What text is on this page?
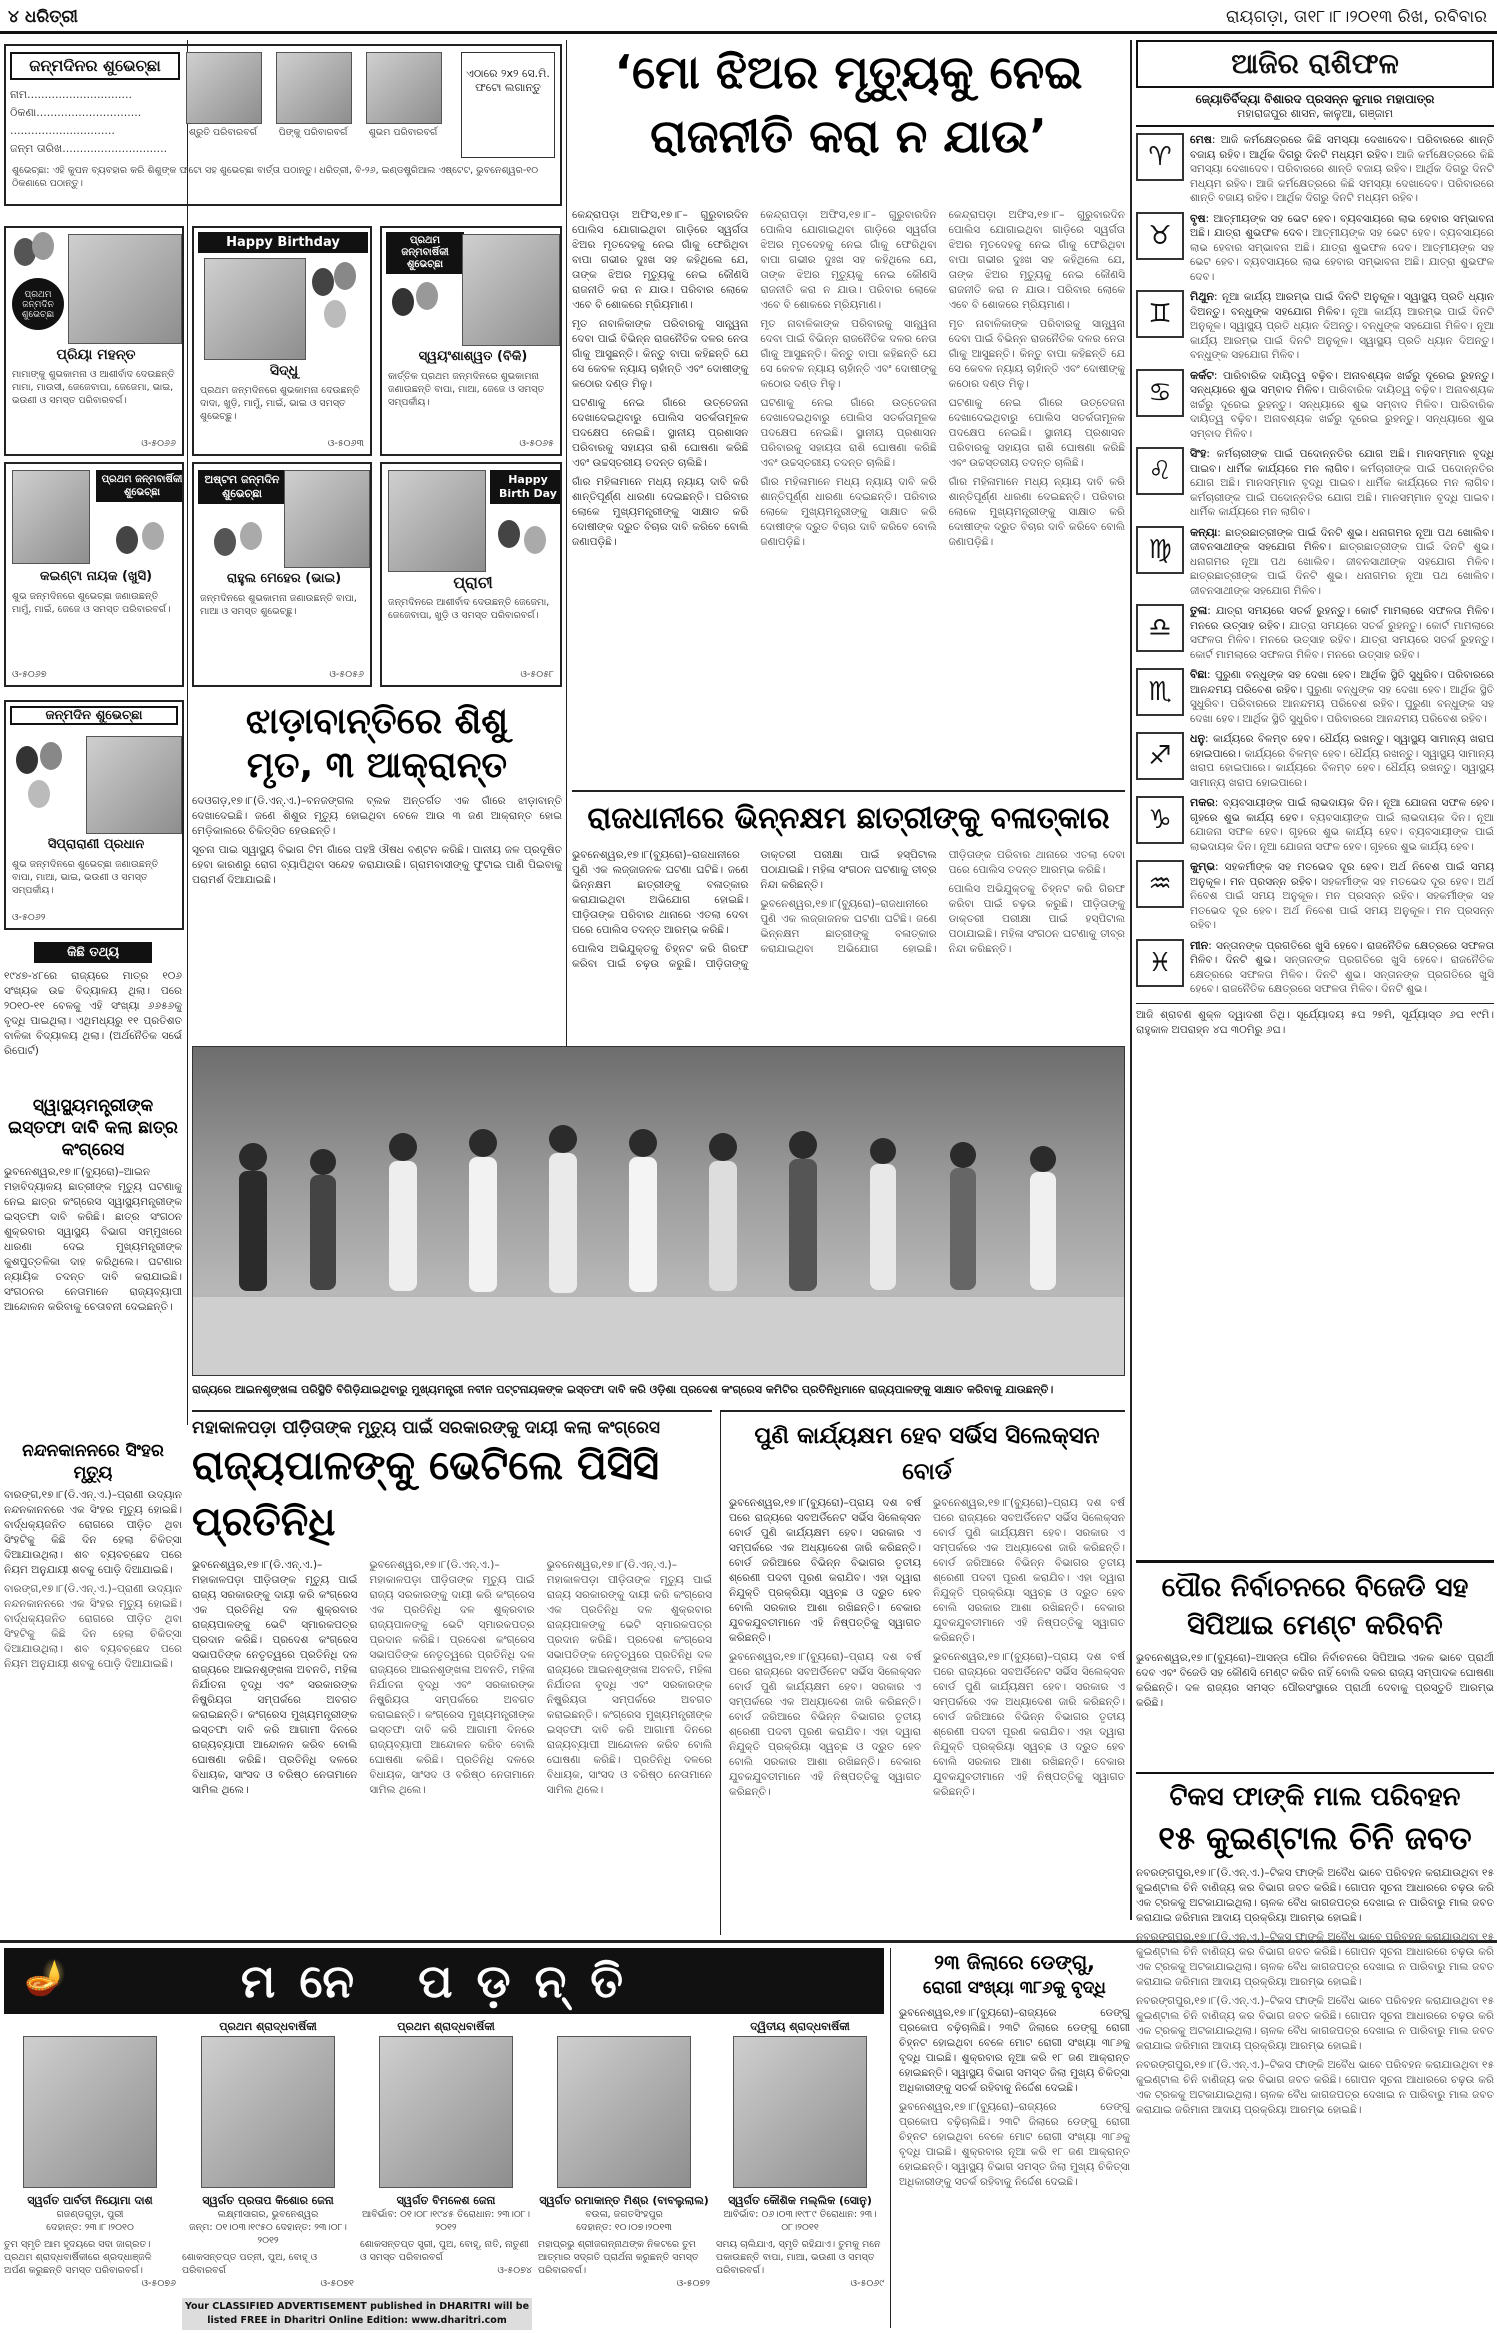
୪ ଧରିତ୍ରୀ	ରାୟଗଡ଼ା, ତା୧୮।୮।୨୦୧୩ ରିଖ, ରବିବାର
ଜନ୍ମଦିନର ଶୁଭେଚ୍ଛା
ନାମ..............................
ଠିକଣା..............................
..............................
ଜନ୍ମ ତାରିଖ..............................
ଶ୍ରୁତି ପରିବାରବର୍ଗ	ପିଙ୍କୁ ପରିବାରବର୍ଗ ଶୁଭମ ପରିବାରବର୍ଗ
ଏଠାରେ ୨x୨ ସେ.ମି. ଫଟୋ ଲଗାନ୍ତୁ
ଶୁଭେଚ୍ଛା: ଏହି କୁପନ ବ୍ୟବହାର କରି ଶିଶୁଙ୍କ ଫଟୋ ସହ ଶୁଭେଚ୍ଛା ବାର୍ତ୍ତା ପଠାନ୍ତୁ। ଧରିତ୍ରୀ, ବି-୨୬, ଇଣ୍ଡଷ୍ଟ୍ରିଆଲ ଏଷ୍ଟେଟ, ଭୁବନେଶ୍ୱର-୧୦ ଠିକଣାରେ ପଠାନ୍ତୁ।
ପ୍ରଥମ ଜନ୍ମଦିନ ଶୁଭେଚ୍ଛା
ପ୍ରିୟା ମହନ୍ତ
ମାମାଙ୍କୁ ଶୁଭକାମନା ଓ ଆଶୀର୍ବାଦ ଦେଉଛନ୍ତି ମାମା, ମାଉସୀ, ଜେଜେବାପା, ଜେଜେମା, ଭାଇ, ଭଉଣୀ ଓ ସମସ୍ତ ପରିବାରବର୍ଗ।
ଓ-୫୦୬୬
Happy Birthday
ସିଦ୍ଧୁ
ପ୍ରଥମ ଜନ୍ମଦିନରେ ଶୁଭକାମନା ଦେଉଛନ୍ତି ଦାଦା, ଖୁଡ଼ି, ମାମୁଁ, ମାଇଁ, ଭାଇ ଓ ସମସ୍ତ ଶୁଭେଚ୍ଛୁ।
ଓ-୫୦୬୩
ପ୍ରଥମ ଜନ୍ମବାର୍ଷିକୀ ଶୁଭେଚ୍ଛା
ସ୍ୱୟଂଶାଶ୍ୱତ (ବିକି)
କାର୍ତ୍ତିକ ପ୍ରଥମ ଜନ୍ମଦିନରେ ଶୁଭକାମନା ଜଣାଉଛନ୍ତି ବାପା, ମାଆ, ଜେଜେ ଓ ସମସ୍ତ ସମ୍ପର୍କୀୟ।
ଓ-୫୦୬୫
ପ୍ରଥମ ଜନ୍ମବାର୍ଷିକୀ ଶୁଭେଚ୍ଛା
କଇଣ୍ଟା ନାୟକ (ଖୁସି)
ଶୁଭ ଜନ୍ମଦିନରେ ଶୁଭେଚ୍ଛା ଜଣାଉଛନ୍ତି ମାମୁଁ, ମାଇଁ, ଜେଜେ ଓ ସମସ୍ତ ପରିବାରବର୍ଗ।
ଓ-୫୦୬୭
ଅଷ୍ଟମ ଜନ୍ମଦିନ ଶୁଭେଚ୍ଛା
ରାହୁଲ ମେହେର (ଭାଇ)
ଜନ୍ମଦିନରେ ଶୁଭକାମନା ଜଣାଉଛନ୍ତି ବାପା, ମାଆ ଓ ସମସ୍ତ ଶୁଭେଚ୍ଛୁ।
ଓ-୫୦୫୬
Happy Birth Day
ପ୍ରାଚୀ
ଜନ୍ମଦିନରେ ଆଶୀର୍ବାଦ ଦେଉଛନ୍ତି ଜେଜେମା, ଜେଜେବାପା, ଖୁଡ଼ି ଓ ସମସ୍ତ ପରିବାରବର୍ଗ।
ଓ-୫୦୫୮
ଜନ୍ମଦିନ ଶୁଭେଚ୍ଛା
ସିପ୍ରାରାଣୀ ପ୍ରଧାନ
ଶୁଭ ଜନ୍ମଦିନରେ ଶୁଭେଚ୍ଛା ଜଣାଉଛନ୍ତି ବାପା, ମାଆ, ଭାଇ, ଭଉଣୀ ଓ ସମସ୍ତ ସମ୍ପର୍କୀୟ।
ଓ-୫୦୬୨
ଝାଡ଼ାବାନ୍ତିରେ ଶିଶୁ
ମୃତ, ୩ ଆକ୍ରାନ୍ତ

ଦେଓଗଡ଼,୧୭।୮(ଡି.ଏନ୍.ଏ.)–ବନଜଙ୍ଗଲ ବ୍ଲକ ଅନ୍ତର୍ଗତ ଏକ ଗାଁରେ ଝାଡ଼ାବାନ୍ତି ଦେଖାଦେଇଛି। ଜଣେ ଶିଶୁର ମୃତ୍ୟୁ ହୋଇଥିବା ବେଳେ ଆଉ ୩ ଜଣ ଆକ୍ରାନ୍ତ ହୋଇ ମେଡ଼ିକାଲରେ ଚିକିତ୍ସିତ ହେଉଛନ୍ତି।

ସୂଚନା ପାଇ ସ୍ୱାସ୍ଥ୍ୟ ବିଭାଗ ଟିମ ଗାଁରେ ପହଞ୍ଚି ଔଷଧ ବଣ୍ଟନ କରିଛି। ପାନୀୟ ଜଳ ପ୍ରଦୂଷିତ ହେବା କାରଣରୁ ରୋଗ ବ୍ୟାପିଥିବା ସନ୍ଦେହ କରାଯାଉଛି। ଗ୍ରାମବାସୀଙ୍କୁ ଫୁଟାଇ ପାଣି ପିଇବାକୁ ପରାମର୍ଶ ଦିଆଯାଇଛି।

କିଛି ତଥ୍ୟ
୧୯୪୭-୪୮ରେ ରାଜ୍ୟରେ ମାତ୍ର ୧୦୬ ସଂଖ୍ୟକ ଉଚ୍ଚ ବିଦ୍ୟାଳୟ ଥିଲା। ପରେ ୨୦୧୦-୧୧ ବେଳକୁ ଏହି ସଂଖ୍ୟା ୬୬୫୬କୁ ବୃଦ୍ଧି ପାଇଥିଲା। ଏଥିମଧ୍ୟରୁ ୧୧ ପ୍ରତିଶତ ବାଳିକା ବିଦ୍ୟାଳୟ ଥିଲା। (ଅର୍ଥନୈତିକ ସର୍ଭେ ରିପୋର୍ଟ)
ସ୍ୱାସ୍ଥ୍ୟମନ୍ତ୍ରୀଙ୍କ ଇସ୍ତଫା ଦାବି କଲା ଛାତ୍ର କଂଗ୍ରେସ
ଭୁବନେଶ୍ୱର,୧୭।୮(ବ୍ୟୁରୋ)–ଆଇନ ମହାବିଦ୍ୟାଳୟ ଛାତ୍ରୀଙ୍କ ମୃତ୍ୟୁ ଘଟଣାକୁ ନେଇ ଛାତ୍ର କଂଗ୍ରେସ ସ୍ୱାସ୍ଥ୍ୟମନ୍ତ୍ରୀଙ୍କ ଇସ୍ତଫା ଦାବି କରିଛି। ଛାତ୍ର ସଂଗଠନ ଶୁକ୍ରବାର ସ୍ୱାସ୍ଥ୍ୟ ବିଭାଗ ସମ୍ମୁଖରେ ଧାରଣା ଦେଇ ମୁଖ୍ୟମନ୍ତ୍ରୀଙ୍କ କୁଶପୁତ୍ତଳିକା ଦାହ କରିଥିଲେ। ଘଟଣାର ନ୍ୟାୟିକ ତଦନ୍ତ ଦାବି କରାଯାଇଛି। ସଂଗଠନର ନେତାମାନେ ରାଜ୍ୟବ୍ୟାପୀ ଆନ୍ଦୋଳନ କରିବାକୁ ଚେତାବନୀ ଦେଇଛନ୍ତି।
‘ମୋ ଝିଅର ମୃତ୍ୟୁକୁ ନେଇ
ରାଜନୀତି କରା ନ ଯାଉ’

କେନ୍ଦ୍ରାପଡ଼ା ଅଫିସ,୧୭।୮– ଗୁରୁବାରଦିନ ପୋଲିସ ଯୋଗାଇଥିବା ଗାଡ଼ିରେ ସ୍ୱର୍ଗତା ଝିଅର ମୃତଦେହକୁ ନେଇ ଗାଁକୁ ଫେରିଥିବା ବାପା ଗଭୀର ଦୁଃଖ ସହ କହିଥିଲେ ଯେ, ତାଙ୍କ ଝିଅର ମୃତ୍ୟୁକୁ ନେଇ କୌଣସି ରାଜନୀତି କରା ନ ଯାଉ। ପରିବାର ଲୋକେ ଏବେ ବି ଶୋକରେ ମ୍ରିୟମାଣ।

ମୃତ ନାବାଳିକାଙ୍କ ପରିବାରକୁ ସାନ୍ତ୍ୱନା ଦେବା ପାଇଁ ବିଭିନ୍ନ ରାଜନୈତିକ ଦଳର ନେତା ଗାଁକୁ ଆସୁଛନ୍ତି। କିନ୍ତୁ ବାପା କହିଛନ୍ତି ଯେ ସେ କେବଳ ନ୍ୟାୟ ଚାହାଁନ୍ତି ଏବଂ ଦୋଷୀଙ୍କୁ କଠୋର ଦଣ୍ଡ ମିଳୁ।

ଘଟଣାକୁ ନେଇ ଗାଁରେ ଉତ୍ତେଜନା ଦେଖାଦେଇଥିବାରୁ ପୋଲିସ ସତର୍କତାମୂଳକ ପଦକ୍ଷେପ ନେଇଛି। ସ୍ଥାନୀୟ ପ୍ରଶାସନ ପରିବାରକୁ ସହାୟତା ରାଶି ଘୋଷଣା କରିଛି ଏବଂ ଉଚ୍ଚସ୍ତରୀୟ ତଦନ୍ତ ଚାଲିଛି।

ଗାଁର ମହିଳାମାନେ ମଧ୍ୟ ନ୍ୟାୟ ଦାବି କରି ଶାନ୍ତିପୂର୍ଣ୍ଣ ଧାରଣା ଦେଇଛନ୍ତି। ପରିବାର ଲୋକେ ମୁଖ୍ୟମନ୍ତ୍ରୀଙ୍କୁ ସାକ୍ଷାତ କରି ଦୋଷୀଙ୍କ ଦ୍ରୁତ ବିଚାର ଦାବି କରିବେ ବୋଲି ଜଣାପଡ଼ିଛି।

କେନ୍ଦ୍ରାପଡ଼ା ଅଫିସ,୧୭।୮– ଗୁରୁବାରଦିନ ପୋଲିସ ଯୋଗାଇଥିବା ଗାଡ଼ିରେ ସ୍ୱର୍ଗତା ଝିଅର ମୃତଦେହକୁ ନେଇ ଗାଁକୁ ଫେରିଥିବା ବାପା ଗଭୀର ଦୁଃଖ ସହ କହିଥିଲେ ଯେ, ତାଙ୍କ ଝିଅର ମୃତ୍ୟୁକୁ ନେଇ କୌଣସି ରାଜନୀତି କରା ନ ଯାଉ। ପରିବାର ଲୋକେ ଏବେ ବି ଶୋକରେ ମ୍ରିୟମାଣ।

ମୃତ ନାବାଳିକାଙ୍କ ପରିବାରକୁ ସାନ୍ତ୍ୱନା ଦେବା ପାଇଁ ବିଭିନ୍ନ ରାଜନୈତିକ ଦଳର ନେତା ଗାଁକୁ ଆସୁଛନ୍ତି। କିନ୍ତୁ ବାପା କହିଛନ୍ତି ଯେ ସେ କେବଳ ନ୍ୟାୟ ଚାହାଁନ୍ତି ଏବଂ ଦୋଷୀଙ୍କୁ କଠୋର ଦଣ୍ଡ ମିଳୁ।

ଘଟଣାକୁ ନେଇ ଗାଁରେ ଉତ୍ତେଜନା ଦେଖାଦେଇଥିବାରୁ ପୋଲିସ ସତର୍କତାମୂଳକ ପଦକ୍ଷେପ ନେଇଛି। ସ୍ଥାନୀୟ ପ୍ରଶାସନ ପରିବାରକୁ ସହାୟତା ରାଶି ଘୋଷଣା କରିଛି ଏବଂ ଉଚ୍ଚସ୍ତରୀୟ ତଦନ୍ତ ଚାଲିଛି।

ଗାଁର ମହିଳାମାନେ ମଧ୍ୟ ନ୍ୟାୟ ଦାବି କରି ଶାନ୍ତିପୂର୍ଣ୍ଣ ଧାରଣା ଦେଇଛନ୍ତି। ପରିବାର ଲୋକେ ମୁଖ୍ୟମନ୍ତ୍ରୀଙ୍କୁ ସାକ୍ଷାତ କରି ଦୋଷୀଙ୍କ ଦ୍ରୁତ ବିଚାର ଦାବି କରିବେ ବୋଲି ଜଣାପଡ଼ିଛି।

କେନ୍ଦ୍ରାପଡ଼ା ଅଫିସ,୧୭।୮– ଗୁରୁବାରଦିନ ପୋଲିସ ଯୋଗାଇଥିବା ଗାଡ଼ିରେ ସ୍ୱର୍ଗତା ଝିଅର ମୃତଦେହକୁ ନେଇ ଗାଁକୁ ଫେରିଥିବା ବାପା ଗଭୀର ଦୁଃଖ ସହ କହିଥିଲେ ଯେ, ତାଙ୍କ ଝିଅର ମୃତ୍ୟୁକୁ ନେଇ କୌଣସି ରାଜନୀତି କରା ନ ଯାଉ। ପରିବାର ଲୋକେ ଏବେ ବି ଶୋକରେ ମ୍ରିୟମାଣ।

ମୃତ ନାବାଳିକାଙ୍କ ପରିବାରକୁ ସାନ୍ତ୍ୱନା ଦେବା ପାଇଁ ବିଭିନ୍ନ ରାଜନୈତିକ ଦଳର ନେତା ଗାଁକୁ ଆସୁଛନ୍ତି। କିନ୍ତୁ ବାପା କହିଛନ୍ତି ଯେ ସେ କେବଳ ନ୍ୟାୟ ଚାହାଁନ୍ତି ଏବଂ ଦୋଷୀଙ୍କୁ କଠୋର ଦଣ୍ଡ ମିଳୁ।

ଘଟଣାକୁ ନେଇ ଗାଁରେ ଉତ୍ତେଜନା ଦେଖାଦେଇଥିବାରୁ ପୋଲିସ ସତର୍କତାମୂଳକ ପଦକ୍ଷେପ ନେଇଛି। ସ୍ଥାନୀୟ ପ୍ରଶାସନ ପରିବାରକୁ ସହାୟତା ରାଶି ଘୋଷଣା କରିଛି ଏବଂ ଉଚ୍ଚସ୍ତରୀୟ ତଦନ୍ତ ଚାଲିଛି।

ଗାଁର ମହିଳାମାନେ ମଧ୍ୟ ନ୍ୟାୟ ଦାବି କରି ଶାନ୍ତିପୂର୍ଣ୍ଣ ଧାରଣା ଦେଇଛନ୍ତି। ପରିବାର ଲୋକେ ମୁଖ୍ୟମନ୍ତ୍ରୀଙ୍କୁ ସାକ୍ଷାତ କରି ଦୋଷୀଙ୍କ ଦ୍ରୁତ ବିଚାର ଦାବି କରିବେ ବୋଲି ଜଣାପଡ଼ିଛି।

ରାଜଧାନୀରେ ଭିନ୍ନକ୍ଷମ ଛାତ୍ରୀଙ୍କୁ ବଳାତ୍କାର

ଭୁବନେଶ୍ୱର,୧୭।୮(ବ୍ୟୁରୋ)–ରାଜଧାନୀରେ ପୁଣି ଏକ ଲଜ୍ଜାଜନକ ଘଟଣା ଘଟିଛି। ଜଣେ ଭିନ୍ନକ୍ଷମ ଛାତ୍ରୀଙ୍କୁ ବଳାତ୍କାର କରାଯାଇଥିବା ଅଭିଯୋଗ ହୋଇଛି। ପୀଡ଼ିତାଙ୍କ ପରିବାର ଥାନାରେ ଏତଲା ଦେବା ପରେ ପୋଲିସ ତଦନ୍ତ ଆରମ୍ଭ କରିଛି।

ପୋଲିସ ଅଭିଯୁକ୍ତକୁ ଚିହ୍ନଟ କରି ଗିରଫ କରିବା ପାଇଁ ଚଢ଼ଉ କରୁଛି। ପୀଡ଼ିତାଙ୍କୁ ଡାକ୍ତରୀ ପରୀକ୍ଷା ପାଇଁ ହସ୍ପିଟାଲ ପଠାଯାଇଛି। ମହିଳା ସଂଗଠନ ଘଟଣାକୁ ତୀବ୍ର ନିନ୍ଦା କରିଛନ୍ତି।

ଭୁବନେଶ୍ୱର,୧୭।୮(ବ୍ୟୁରୋ)–ରାଜଧାନୀରେ ପୁଣି ଏକ ଲଜ୍ଜାଜନକ ଘଟଣା ଘଟିଛି। ଜଣେ ଭିନ୍ନକ୍ଷମ ଛାତ୍ରୀଙ୍କୁ ବଳାତ୍କାର କରାଯାଇଥିବା ଅଭିଯୋଗ ହୋଇଛି। ପୀଡ଼ିତାଙ୍କ ପରିବାର ଥାନାରେ ଏତଲା ଦେବା ପରେ ପୋଲିସ ତଦନ୍ତ ଆରମ୍ଭ କରିଛି।

ପୋଲିସ ଅଭିଯୁକ୍ତକୁ ଚିହ୍ନଟ କରି ଗିରଫ କରିବା ପାଇଁ ଚଢ଼ଉ କରୁଛି। ପୀଡ଼ିତାଙ୍କୁ ଡାକ୍ତରୀ ପରୀକ୍ଷା ପାଇଁ ହସ୍ପିଟାଲ ପଠାଯାଇଛି। ମହିଳା ସଂଗଠନ ଘଟଣାକୁ ତୀବ୍ର ନିନ୍ଦା କରିଛନ୍ତି।

ରାଜ୍ୟରେ ଆଇନଶୃଙ୍ଖଳା ପରିସ୍ଥିତି ବିଗିଡ଼ିଯାଇଥିବାରୁ ମୁଖ୍ୟମନ୍ତ୍ରୀ ନବୀନ ପଟ୍ଟନାୟକଙ୍କ ଇସ୍ତଫା ଦାବି କରି ଓଡ଼ିଶା ପ୍ରଦେଶ କଂଗ୍ରେସ କମିଟିର ପ୍ରତିନିଧିମାନେ ରାଜ୍ୟପାଳଙ୍କୁ ସାକ୍ଷାତ କରିବାକୁ ଯାଉଛନ୍ତି।
ନନ୍ଦନକାନନରେ ସିଂହର ମୃତ୍ୟୁ

ବାରଙ୍ଗ,୧୭।୮(ଡି.ଏନ୍.ଏ.)–ପ୍ରାଣୀ ଉଦ୍ୟାନ ନନ୍ଦନକାନନରେ ଏକ ସିଂହର ମୃତ୍ୟୁ ହୋଇଛି। ବାର୍ଦ୍ଧକ୍ୟଜନିତ ରୋଗରେ ପୀଡ଼ିତ ଥିବା ସିଂହଟିକୁ କିଛି ଦିନ ହେଲା ଚିକିତ୍ସା ଦିଆଯାଉଥିଲା। ଶବ ବ୍ୟବଚ୍ଛେଦ ପରେ ନିୟମ ଅନୁଯାୟୀ ଶବକୁ ପୋଡ଼ି ଦିଆଯାଇଛି।

ବାରଙ୍ଗ,୧୭।୮(ଡି.ଏନ୍.ଏ.)–ପ୍ରାଣୀ ଉଦ୍ୟାନ ନନ୍ଦନକାନନରେ ଏକ ସିଂହର ମୃତ୍ୟୁ ହୋଇଛି। ବାର୍ଦ୍ଧକ୍ୟଜନିତ ରୋଗରେ ପୀଡ଼ିତ ଥିବା ସିଂହଟିକୁ କିଛି ଦିନ ହେଲା ଚିକିତ୍ସା ଦିଆଯାଉଥିଲା। ଶବ ବ୍ୟବଚ୍ଛେଦ ପରେ ନିୟମ ଅନୁଯାୟୀ ଶବକୁ ପୋଡ଼ି ଦିଆଯାଇଛି।

ମହାକାଳପଡ଼ା ପୀଡ଼ିତାଙ୍କ ମୃତ୍ୟୁ ପାଇଁ ସରକାରଙ୍କୁ ଦାୟୀ କଲା କଂଗ୍ରେସ
ରାଜ୍ୟପାଳଙ୍କୁ ଭେଟିଲେ ପିସିସି ପ୍ରତିନିଧି

ଭୁବନେଶ୍ୱର,୧୭।୮(ଡି.ଏନ୍.ଏ.)–ମହାକାଳପଡ଼ା ପୀଡ଼ିତାଙ୍କ ମୃତ୍ୟୁ ପାଇଁ ରାଜ୍ୟ ସରକାରଙ୍କୁ ଦାୟୀ କରି କଂଗ୍ରେସ ଏକ ପ୍ରତିନିଧି ଦଳ ଶୁକ୍ରବାର ରାଜ୍ୟପାଳଙ୍କୁ ଭେଟି ସ୍ମାରକପତ୍ର ପ୍ରଦାନ କରିଛି। ପ୍ରଦେଶ କଂଗ୍ରେସ ସଭାପତିଙ୍କ ନେତୃତ୍ୱରେ ପ୍ରତିନିଧି ଦଳ ରାଜ୍ୟରେ ଆଇନଶୃଙ୍ଖଳା ଅବନତି, ମହିଳା ନିର୍ଯାତନା ବୃଦ୍ଧି ଏବଂ ସରକାରଙ୍କ ନିଷ୍କ୍ରିୟତା ସମ୍ପର୍କରେ ଅବଗତ କରାଇଛନ୍ତି। କଂଗ୍ରେସ ମୁଖ୍ୟମନ୍ତ୍ରୀଙ୍କ ଇସ୍ତଫା ଦାବି କରି ଆଗାମୀ ଦିନରେ ରାଜ୍ୟବ୍ୟାପୀ ଆନ୍ଦୋଳନ କରିବ ବୋଲି ଘୋଷଣା କରିଛି। ପ୍ରତିନିଧି ଦଳରେ ବିଧାୟକ, ସାଂସଦ ଓ ବରିଷ୍ଠ ନେତାମାନେ ସାମିଲ ଥିଲେ।

ଭୁବନେଶ୍ୱର,୧୭।୮(ଡି.ଏନ୍.ଏ.)–ମହାକାଳପଡ଼ା ପୀଡ଼ିତାଙ୍କ ମୃତ୍ୟୁ ପାଇଁ ରାଜ୍ୟ ସରକାରଙ୍କୁ ଦାୟୀ କରି କଂଗ୍ରେସ ଏକ ପ୍ରତିନିଧି ଦଳ ଶୁକ୍ରବାର ରାଜ୍ୟପାଳଙ୍କୁ ଭେଟି ସ୍ମାରକପତ୍ର ପ୍ରଦାନ କରିଛି। ପ୍ରଦେଶ କଂଗ୍ରେସ ସଭାପତିଙ୍କ ନେତୃତ୍ୱରେ ପ୍ରତିନିଧି ଦଳ ରାଜ୍ୟରେ ଆଇନଶୃଙ୍ଖଳା ଅବନତି, ମହିଳା ନିର୍ଯାତନା ବୃଦ୍ଧି ଏବଂ ସରକାରଙ୍କ ନିଷ୍କ୍ରିୟତା ସମ୍ପର୍କରେ ଅବଗତ କରାଇଛନ୍ତି। କଂଗ୍ରେସ ମୁଖ୍ୟମନ୍ତ୍ରୀଙ୍କ ଇସ୍ତଫା ଦାବି କରି ଆଗାମୀ ଦିନରେ ରାଜ୍ୟବ୍ୟାପୀ ଆନ୍ଦୋଳନ କରିବ ବୋଲି ଘୋଷଣା କରିଛି। ପ୍ରତିନିଧି ଦଳରେ ବିଧାୟକ, ସାଂସଦ ଓ ବରିଷ୍ଠ ନେତାମାନେ ସାମିଲ ଥିଲେ।

ଭୁବନେଶ୍ୱର,୧୭।୮(ଡି.ଏନ୍.ଏ.)–ମହାକାଳପଡ଼ା ପୀଡ଼ିତାଙ୍କ ମୃତ୍ୟୁ ପାଇଁ ରାଜ୍ୟ ସରକାରଙ୍କୁ ଦାୟୀ କରି କଂଗ୍ରେସ ଏକ ପ୍ରତିନିଧି ଦଳ ଶୁକ୍ରବାର ରାଜ୍ୟପାଳଙ୍କୁ ଭେଟି ସ୍ମାରକପତ୍ର ପ୍ରଦାନ କରିଛି। ପ୍ରଦେଶ କଂଗ୍ରେସ ସଭାପତିଙ୍କ ନେତୃତ୍ୱରେ ପ୍ରତିନିଧି ଦଳ ରାଜ୍ୟରେ ଆଇନଶୃଙ୍ଖଳା ଅବନତି, ମହିଳା ନିର୍ଯାତନା ବୃଦ୍ଧି ଏବଂ ସରକାରଙ୍କ ନିଷ୍କ୍ରିୟତା ସମ୍ପର୍କରେ ଅବଗତ କରାଇଛନ୍ତି। କଂଗ୍ରେସ ମୁଖ୍ୟମନ୍ତ୍ରୀଙ୍କ ଇସ୍ତଫା ଦାବି କରି ଆଗାମୀ ଦିନରେ ରାଜ୍ୟବ୍ୟାପୀ ଆନ୍ଦୋଳନ କରିବ ବୋଲି ଘୋଷଣା କରିଛି। ପ୍ରତିନିଧି ଦଳରେ ବିଧାୟକ, ସାଂସଦ ଓ ବରିଷ୍ଠ ନେତାମାନେ ସାମିଲ ଥିଲେ।

ପୁଣି କାର୍ଯ୍ୟକ୍ଷମ ହେବ ସର୍ଭିସ ସିଲେକ୍ସନ ବୋର୍ଡ

ଭୁବନେଶ୍ୱର,୧୭।୮(ବ୍ୟୁରୋ)–ପ୍ରାୟ ଦଶ ବର୍ଷ ପରେ ରାଜ୍ୟରେ ସବଅର୍ଡିନେଟ ସର୍ଭିସ ସିଲେକ୍ସନ ବୋର୍ଡ ପୁଣି କାର୍ଯ୍ୟକ୍ଷମ ହେବ। ସରକାର ଏ ସମ୍ପର୍କରେ ଏକ ଅଧ୍ୟାଦେଶ ଜାରି କରିଛନ୍ତି। ବୋର୍ଡ ଜରିଆରେ ବିଭିନ୍ନ ବିଭାଗର ତୃତୀୟ ଶ୍ରେଣୀ ପଦବୀ ପୂରଣ କରାଯିବ। ଏହା ଦ୍ୱାରା ନିଯୁକ୍ତି ପ୍ରକ୍ରିୟା ସ୍ୱଚ୍ଛ ଓ ଦ୍ରୁତ ହେବ ବୋଲି ସରକାର ଆଶା ରଖିଛନ୍ତି। ବେକାର ଯୁବକଯୁବତୀମାନେ ଏହି ନିଷ୍ପତ୍ତିକୁ ସ୍ୱାଗତ କରିଛନ୍ତି।

ଭୁବନେଶ୍ୱର,୧୭।୮(ବ୍ୟୁରୋ)–ପ୍ରାୟ ଦଶ ବର୍ଷ ପରେ ରାଜ୍ୟରେ ସବଅର୍ଡିନେଟ ସର୍ଭିସ ସିଲେକ୍ସନ ବୋର୍ଡ ପୁଣି କାର୍ଯ୍ୟକ୍ଷମ ହେବ। ସରକାର ଏ ସମ୍ପର୍କରେ ଏକ ଅଧ୍ୟାଦେଶ ଜାରି କରିଛନ୍ତି। ବୋର୍ଡ ଜରିଆରେ ବିଭିନ୍ନ ବିଭାଗର ତୃତୀୟ ଶ୍ରେଣୀ ପଦବୀ ପୂରଣ କରାଯିବ। ଏହା ଦ୍ୱାରା ନିଯୁକ୍ତି ପ୍ରକ୍ରିୟା ସ୍ୱଚ୍ଛ ଓ ଦ୍ରୁତ ହେବ ବୋଲି ସରକାର ଆଶା ରଖିଛନ୍ତି। ବେକାର ଯୁବକଯୁବତୀମାନେ ଏହି ନିଷ୍ପତ୍ତିକୁ ସ୍ୱାଗତ କରିଛନ୍ତି।

ଭୁବନେଶ୍ୱର,୧୭।୮(ବ୍ୟୁରୋ)–ପ୍ରାୟ ଦଶ ବର୍ଷ ପରେ ରାଜ୍ୟରେ ସବଅର୍ଡିନେଟ ସର୍ଭିସ ସିଲେକ୍ସନ ବୋର୍ଡ ପୁଣି କାର୍ଯ୍ୟକ୍ଷମ ହେବ। ସରକାର ଏ ସମ୍ପର୍କରେ ଏକ ଅଧ୍ୟାଦେଶ ଜାରି କରିଛନ୍ତି। ବୋର୍ଡ ଜରିଆରେ ବିଭିନ୍ନ ବିଭାଗର ତୃତୀୟ ଶ୍ରେଣୀ ପଦବୀ ପୂରଣ କରାଯିବ। ଏହା ଦ୍ୱାରା ନିଯୁକ୍ତି ପ୍ରକ୍ରିୟା ସ୍ୱଚ୍ଛ ଓ ଦ୍ରୁତ ହେବ ବୋଲି ସରକାର ଆଶା ରଖିଛନ୍ତି। ବେକାର ଯୁବକଯୁବତୀମାନେ ଏହି ନିଷ୍ପତ୍ତିକୁ ସ୍ୱାଗତ କରିଛନ୍ତି।

ଭୁବନେଶ୍ୱର,୧୭।୮(ବ୍ୟୁରୋ)–ପ୍ରାୟ ଦଶ ବର୍ଷ ପରେ ରାଜ୍ୟରେ ସବଅର୍ଡିନେଟ ସର୍ଭିସ ସିଲେକ୍ସନ ବୋର୍ଡ ପୁଣି କାର୍ଯ୍ୟକ୍ଷମ ହେବ। ସରକାର ଏ ସମ୍ପର୍କରେ ଏକ ଅଧ୍ୟାଦେଶ ଜାରି କରିଛନ୍ତି। ବୋର୍ଡ ଜରିଆରେ ବିଭିନ୍ନ ବିଭାଗର ତୃତୀୟ ଶ୍ରେଣୀ ପଦବୀ ପୂରଣ କରାଯିବ। ଏହା ଦ୍ୱାରା ନିଯୁକ୍ତି ପ୍ରକ୍ରିୟା ସ୍ୱଚ୍ଛ ଓ ଦ୍ରୁତ ହେବ ବୋଲି ସରକାର ଆଶା ରଖିଛନ୍ତି। ବେକାର ଯୁବକଯୁବତୀମାନେ ଏହି ନିଷ୍ପତ୍ତିକୁ ସ୍ୱାଗତ କରିଛନ୍ତି।

ଆଜିର ରାଶିଫଳ
ଜ୍ୟୋତିର୍ବିଦ୍ୟା ବିଶାରଦ ପ୍ରସନ୍ନ କୁମାର ମହାପାତ୍ର
ମହାରାଜପୁର ଶାସନ, କାଳୁଆ, ଗଞ୍ଜାମ
♈
ମେଷ: ଆଜି କର୍ମକ୍ଷେତ୍ରରେ କିଛି ସମସ୍ୟା ଦେଖାଦେବ। ପରିବାରରେ ଶାନ୍ତି ବଜାୟ ରହିବ। ଆର୍ଥିକ ଦିଗରୁ ଦିନଟି ମଧ୍ୟମ ରହିବ। ଆଜି କର୍ମକ୍ଷେତ୍ରରେ କିଛି ସମସ୍ୟା ଦେଖାଦେବ। ପରିବାରରେ ଶାନ୍ତି ବଜାୟ ରହିବ। ଆର୍ଥିକ ଦିଗରୁ ଦିନଟି ମଧ୍ୟମ ରହିବ। ଆଜି କର୍ମକ୍ଷେତ୍ରରେ କିଛି ସମସ୍ୟା ଦେଖାଦେବ। ପରିବାରରେ ଶାନ୍ତି ବଜାୟ ରହିବ। ଆର୍ଥିକ ଦିଗରୁ ଦିନଟି ମଧ୍ୟମ ରହିବ।
♉
ବୃଷ: ଆତ୍ମୀୟଙ୍କ ସହ ଭେଟ ହେବ। ବ୍ୟବସାୟରେ ଲାଭ ହେବାର ସମ୍ଭାବନା ଅଛି। ଯାତ୍ରା ଶୁଭଫଳ ଦେବ। ଆତ୍ମୀୟଙ୍କ ସହ ଭେଟ ହେବ। ବ୍ୟବସାୟରେ ଲାଭ ହେବାର ସମ୍ଭାବନା ଅଛି। ଯାତ୍ରା ଶୁଭଫଳ ଦେବ। ଆତ୍ମୀୟଙ୍କ ସହ ଭେଟ ହେବ। ବ୍ୟବସାୟରେ ଲାଭ ହେବାର ସମ୍ଭାବନା ଅଛି। ଯାତ୍ରା ଶୁଭଫଳ ଦେବ।
♊
ମିଥୁନ: ନୂଆ କାର୍ଯ୍ୟ ଆରମ୍ଭ ପାଇଁ ଦିନଟି ଅନୁକୂଳ। ସ୍ୱାସ୍ଥ୍ୟ ପ୍ରତି ଧ୍ୟାନ ଦିଅନ୍ତୁ। ବନ୍ଧୁଙ୍କ ସହଯୋଗ ମିଳିବ। ନୂଆ କାର୍ଯ୍ୟ ଆରମ୍ଭ ପାଇଁ ଦିନଟି ଅନୁକୂଳ। ସ୍ୱାସ୍ଥ୍ୟ ପ୍ରତି ଧ୍ୟାନ ଦିଅନ୍ତୁ। ବନ୍ଧୁଙ୍କ ସହଯୋଗ ମିଳିବ। ନୂଆ କାର୍ଯ୍ୟ ଆରମ୍ଭ ପାଇଁ ଦିନଟି ଅନୁକୂଳ। ସ୍ୱାସ୍ଥ୍ୟ ପ୍ରତି ଧ୍ୟାନ ଦିଅନ୍ତୁ। ବନ୍ଧୁଙ୍କ ସହଯୋଗ ମିଳିବ।
♋
କର୍କଟ: ପାରିବାରିକ ଦାୟିତ୍ୱ ବଢ଼ିବ। ଅନାବଶ୍ୟକ ଖର୍ଚ୍ଚରୁ ଦୂରେଇ ରୁହନ୍ତୁ। ସନ୍ଧ୍ୟାରେ ଶୁଭ ସମ୍ବାଦ ମିଳିବ। ପାରିବାରିକ ଦାୟିତ୍ୱ ବଢ଼ିବ। ଅନାବଶ୍ୟକ ଖର୍ଚ୍ଚରୁ ଦୂରେଇ ରୁହନ୍ତୁ। ସନ୍ଧ୍ୟାରେ ଶୁଭ ସମ୍ବାଦ ମିଳିବ। ପାରିବାରିକ ଦାୟିତ୍ୱ ବଢ଼ିବ। ଅନାବଶ୍ୟକ ଖର୍ଚ୍ଚରୁ ଦୂରେଇ ରୁହନ୍ତୁ। ସନ୍ଧ୍ୟାରେ ଶୁଭ ସମ୍ବାଦ ମିଳିବ।
♌
ସିଂହ: କର୍ମଚାରୀଙ୍କ ପାଇଁ ପଦୋନ୍ନତିର ଯୋଗ ଅଛି। ମାନସମ୍ମାନ ବୃଦ୍ଧି ପାଇବ। ଧାର୍ମିକ କାର୍ଯ୍ୟରେ ମନ ଲାଗିବ। କର୍ମଚାରୀଙ୍କ ପାଇଁ ପଦୋନ୍ନତିର ଯୋଗ ଅଛି। ମାନସମ୍ମାନ ବୃଦ୍ଧି ପାଇବ। ଧାର୍ମିକ କାର୍ଯ୍ୟରେ ମନ ଲାଗିବ। କର୍ମଚାରୀଙ୍କ ପାଇଁ ପଦୋନ୍ନତିର ଯୋଗ ଅଛି। ମାନସମ୍ମାନ ବୃଦ୍ଧି ପାଇବ। ଧାର୍ମିକ କାର୍ଯ୍ୟରେ ମନ ଲାଗିବ।
♍
କନ୍ୟା: ଛାତ୍ରଛାତ୍ରୀଙ୍କ ପାଇଁ ଦିନଟି ଶୁଭ। ଧନାଗମର ନୂଆ ପଥ ଖୋଲିବ। ଜୀବନସାଥୀଙ୍କ ସହଯୋଗ ମିଳିବ। ଛାତ୍ରଛାତ୍ରୀଙ୍କ ପାଇଁ ଦିନଟି ଶୁଭ। ଧନାଗମର ନୂଆ ପଥ ଖୋଲିବ। ଜୀବନସାଥୀଙ୍କ ସହଯୋଗ ମିଳିବ। ଛାତ୍ରଛାତ୍ରୀଙ୍କ ପାଇଁ ଦିନଟି ଶୁଭ। ଧନାଗମର ନୂଆ ପଥ ଖୋଲିବ। ଜୀବନସାଥୀଙ୍କ ସହଯୋଗ ମିଳିବ।
♎
ତୁଳା: ଯାତ୍ରା ସମୟରେ ସତର୍କ ରୁହନ୍ତୁ। କୋର୍ଟ ମାମଲାରେ ସଫଳତା ମିଳିବ। ମନରେ ଉତ୍ସାହ ରହିବ। ଯାତ୍ରା ସମୟରେ ସତର୍କ ରୁହନ୍ତୁ। କୋର୍ଟ ମାମଲାରେ ସଫଳତା ମିଳିବ। ମନରେ ଉତ୍ସାହ ରହିବ। ଯାତ୍ରା ସମୟରେ ସତର୍କ ରୁହନ୍ତୁ। କୋର୍ଟ ମାମଲାରେ ସଫଳତା ମିଳିବ। ମନରେ ଉତ୍ସାହ ରହିବ।
♏
ବିଛା: ପୁରୁଣା ବନ୍ଧୁଙ୍କ ସହ ଦେଖା ହେବ। ଆର୍ଥିକ ସ୍ଥିତି ସୁଧୁରିବ। ପରିବାରରେ ଆନନ୍ଦମୟ ପରିବେଶ ରହିବ। ପୁରୁଣା ବନ୍ଧୁଙ୍କ ସହ ଦେଖା ହେବ। ଆର୍ଥିକ ସ୍ଥିତି ସୁଧୁରିବ। ପରିବାରରେ ଆନନ୍ଦମୟ ପରିବେଶ ରହିବ। ପୁରୁଣା ବନ୍ଧୁଙ୍କ ସହ ଦେଖା ହେବ। ଆର୍ଥିକ ସ୍ଥିତି ସୁଧୁରିବ। ପରିବାରରେ ଆନନ୍ଦମୟ ପରିବେଶ ରହିବ।
♐
ଧନୁ: କାର୍ଯ୍ୟରେ ବିଳମ୍ବ ହେବ। ଧୈର୍ଯ୍ୟ ରଖନ୍ତୁ। ସ୍ୱାସ୍ଥ୍ୟ ସାମାନ୍ୟ ଖରାପ ହୋଇପାରେ। କାର୍ଯ୍ୟରେ ବିଳମ୍ବ ହେବ। ଧୈର୍ଯ୍ୟ ରଖନ୍ତୁ। ସ୍ୱାସ୍ଥ୍ୟ ସାମାନ୍ୟ ଖରାପ ହୋଇପାରେ। କାର୍ଯ୍ୟରେ ବିଳମ୍ବ ହେବ। ଧୈର୍ଯ୍ୟ ରଖନ୍ତୁ। ସ୍ୱାସ୍ଥ୍ୟ ସାମାନ୍ୟ ଖରାପ ହୋଇପାରେ।
♑
ମକର: ବ୍ୟବସାୟୀଙ୍କ ପାଇଁ ଲାଭଦାୟକ ଦିନ। ନୂଆ ଯୋଜନା ସଫଳ ହେବ। ଗୃହରେ ଶୁଭ କାର୍ଯ୍ୟ ହେବ। ବ୍ୟବସାୟୀଙ୍କ ପାଇଁ ଲାଭଦାୟକ ଦିନ। ନୂଆ ଯୋଜନା ସଫଳ ହେବ। ଗୃହରେ ଶୁଭ କାର୍ଯ୍ୟ ହେବ। ବ୍ୟବସାୟୀଙ୍କ ପାଇଁ ଲାଭଦାୟକ ଦିନ। ନୂଆ ଯୋଜନା ସଫଳ ହେବ। ଗୃହରେ ଶୁଭ କାର୍ଯ୍ୟ ହେବ।
♒
କୁମ୍ଭ: ସହକର୍ମୀଙ୍କ ସହ ମତଭେଦ ଦୂର ହେବ। ଅର୍ଥ ନିବେଶ ପାଇଁ ସମୟ ଅନୁକୂଳ। ମନ ପ୍ରସନ୍ନ ରହିବ। ସହକର୍ମୀଙ୍କ ସହ ମତଭେଦ ଦୂର ହେବ। ଅର୍ଥ ନିବେଶ ପାଇଁ ସମୟ ଅନୁକୂଳ। ମନ ପ୍ରସନ୍ନ ରହିବ। ସହକର୍ମୀଙ୍କ ସହ ମତଭେଦ ଦୂର ହେବ। ଅର୍ଥ ନିବେଶ ପାଇଁ ସମୟ ଅନୁକୂଳ। ମନ ପ୍ରସନ୍ନ ରହିବ।
♓
ମୀନ: ସନ୍ତାନଙ୍କ ପ୍ରଗତିରେ ଖୁସି ହେବେ। ରାଜନୈତିକ କ୍ଷେତ୍ରରେ ସଫଳତା ମିଳିବ। ଦିନଟି ଶୁଭ। ସନ୍ତାନଙ୍କ ପ୍ରଗତିରେ ଖୁସି ହେବେ। ରାଜନୈତିକ କ୍ଷେତ୍ରରେ ସଫଳତା ମିଳିବ। ଦିନଟି ଶୁଭ। ସନ୍ତାନଙ୍କ ପ୍ରଗତିରେ ଖୁସି ହେବେ। ରାଜନୈତିକ କ୍ଷେତ୍ରରେ ସଫଳତା ମିଳିବ। ଦିନଟି ଶୁଭ।
ଆଜି ଶ୍ରାବଣ ଶୁକ୍ଳ ଦ୍ୱାଦଶୀ ତିଥି। ସୂର୍ଯ୍ୟୋଦୟ ୫ଘ ୨୭ମି, ସୂର୍ଯ୍ୟାସ୍ତ ୬ଘ ୧୯ମି। ରାହୁକାଳ ଅପରାହ୍ନ ୪ଘ ୩୦ମିରୁ ୬ଘ।
ପୌର ନିର୍ବାଚନରେ ବିଜେଡି ସହ ସିପିଆଇ ମେଣ୍ଟ କରିବନି
ଭୁବନେଶ୍ୱର,୧୭।୮(ବ୍ୟୁରୋ)–ଆସନ୍ତା ପୌର ନିର୍ବାଚନରେ ସିପିଆଇ ଏକକ ଭାବେ ପ୍ରାର୍ଥୀ ଦେବ ଏବଂ ବିଜେଡି ସହ କୌଣସି ମେଣ୍ଟ କରିବ ନାହିଁ ବୋଲି ଦଳର ରାଜ୍ୟ ସମ୍ପାଦକ ଘୋଷଣା କରିଛନ୍ତି। ଦଳ ରାଜ୍ୟର ସମସ୍ତ ପୌରସଂସ୍ଥାରେ ପ୍ରାର୍ଥୀ ଦେବାକୁ ପ୍ରସ୍ତୁତି ଆରମ୍ଭ କରିଛି।
ଟିକସ ଫାଙ୍କି ମାଲ ପରିବହନ
୧୫ କୁଇଣ୍ଟାଲ ଚିନି ଜବତ

ନବରଙ୍ଗପୁର,୧୭।୮(ଡି.ଏନ୍.ଏ.)–ଟିକସ ଫାଙ୍କି ଅବୈଧ ଭାବେ ପରିବହନ କରାଯାଉଥିବା ୧୫ କୁଇଣ୍ଟାଲ ଚିନି ବାଣିଜ୍ୟ କର ବିଭାଗ ଜବତ କରିଛି। ଗୋପନ ସୂଚନା ଆଧାରରେ ଚଢ଼ଉ କରି ଏକ ଟ୍ରକକୁ ଅଟକାଯାଇଥିଲା। ଚାଳକ ବୈଧ କାଗଜପତ୍ର ଦେଖାଇ ନ ପାରିବାରୁ ମାଲ ଜବତ କରାଯାଇ ଜରିମାନା ଆଦାୟ ପ୍ରକ୍ରିୟା ଆରମ୍ଭ ହୋଇଛି।

ନବରଙ୍ଗପୁର,୧୭।୮(ଡି.ଏନ୍.ଏ.)–ଟିକସ ଫାଙ୍କି ଅବୈଧ ଭାବେ ପରିବହନ କରାଯାଉଥିବା ୧୫ କୁଇଣ୍ଟାଲ ଚିନି ବାଣିଜ୍ୟ କର ବିଭାଗ ଜବତ କରିଛି। ଗୋପନ ସୂଚନା ଆଧାରରେ ଚଢ଼ଉ କରି ଏକ ଟ୍ରକକୁ ଅଟକାଯାଇଥିଲା। ଚାଳକ ବୈଧ କାଗଜପତ୍ର ଦେଖାଇ ନ ପାରିବାରୁ ମାଲ ଜବତ କରାଯାଇ ଜରିମାନା ଆଦାୟ ପ୍ରକ୍ରିୟା ଆରମ୍ଭ ହୋଇଛି।

ନବରଙ୍ଗପୁର,୧୭।୮(ଡି.ଏନ୍.ଏ.)–ଟିକସ ଫାଙ୍କି ଅବୈଧ ଭାବେ ପରିବହନ କରାଯାଉଥିବା ୧୫ କୁଇଣ୍ଟାଲ ଚିନି ବାଣିଜ୍ୟ କର ବିଭାଗ ଜବତ କରିଛି। ଗୋପନ ସୂଚନା ଆଧାରରେ ଚଢ଼ଉ କରି ଏକ ଟ୍ରକକୁ ଅଟକାଯାଇଥିଲା। ଚାଳକ ବୈଧ କାଗଜପତ୍ର ଦେଖାଇ ନ ପାରିବାରୁ ମାଲ ଜବତ କରାଯାଇ ଜରିମାନା ଆଦାୟ ପ୍ରକ୍ରିୟା ଆରମ୍ଭ ହୋଇଛି।

ନବରଙ୍ଗପୁର,୧୭।୮(ଡି.ଏନ୍.ଏ.)–ଟିକସ ଫାଙ୍କି ଅବୈଧ ଭାବେ ପରିବହନ କରାଯାଉଥିବା ୧୫ କୁଇଣ୍ଟାଲ ଚିନି ବାଣିଜ୍ୟ କର ବିଭାଗ ଜବତ କରିଛି। ଗୋପନ ସୂଚନା ଆଧାରରେ ଚଢ଼ଉ କରି ଏକ ଟ୍ରକକୁ ଅଟକାଯାଇଥିଲା। ଚାଳକ ବୈଧ କାଗଜପତ୍ର ଦେଖାଇ ନ ପାରିବାରୁ ମାଲ ଜବତ କରାଯାଇ ଜରିମାନା ଆଦାୟ ପ୍ରକ୍ରିୟା ଆରମ୍ଭ ହୋଇଛି।

🪔	ମନେ ପଡ଼ନ୍ତି
ସ୍ୱର୍ଗତ ପାର୍ବତୀ ନିୟୋମା ଦାଶ
ଗଜଣ୍ଡଗୁଡ଼ା, ପୁରୀ
ଦେହାନ୍ତ: ୨୩।୮।୨୦୧୦
ତୁମ ସ୍ମୃତି ଆମ ହୃଦୟରେ ସଦା ଜାଗ୍ରତ। ପ୍ରଥମ ଶ୍ରାଦ୍ଧବାର୍ଷିକୀରେ ଶ୍ରଦ୍ଧାଞ୍ଜଳି ଅର୍ପଣ କରୁଛନ୍ତି ସମସ୍ତ ପରିବାରବର୍ଗ।
ଓ-୫୦୭୬
ପ୍ରଥମ ଶ୍ରାଦ୍ଧବାର୍ଷିକୀ
ସ୍ୱର୍ଗତ ପ୍ରତାପ କିଶୋର ଜେନା
ଲକ୍ଷ୍ମୀସାଗର, ଭୁବନେଶ୍ୱର
ଜନ୍ମ: ୦୧।୦୩।୧୯୫୦ ଦେହାନ୍ତ: ୨୩।୦୮।୨୦୧୨
ଶୋକସନ୍ତପ୍ତ ପତ୍ନୀ, ପୁଅ, ବୋହୂ ଓ ପରିବାରବର୍ଗ
ଓ-୫୦୭୧
ପ୍ରଥମ ଶ୍ରାଦ୍ଧବାର୍ଷିକୀ
ସ୍ୱର୍ଗତ ବିମଳେଶ ଜେନା
ଆବିର୍ଭାବ: ୦୧।୦୮।୧୯୪୫ ତିରୋଧାନ: ୨୩।୦୮।୨୦୧୨
ଶୋକସନ୍ତପ୍ତ ସ୍ତ୍ରୀ, ପୁଅ, ବୋହୂ, ନାତି, ନାତୁଣୀ ଓ ସମସ୍ତ ପରିବାରବର୍ଗ
ଓ-୫୦୭୪
ସ୍ୱର୍ଗତ ରମାକାନ୍ତ ମିଶ୍ର (ବାବଲୁଲାଲ)
ବଉଳା, ଜଗତସିଂହପୁର
ଦେହାନ୍ତ: ୧୦।୦୭।୨୦୧୩
ମହାପ୍ରଭୁ ଶ୍ରୀଜଗନ୍ନାଥଙ୍କ ନିକଟରେ ତୁମ ଆତ୍ମାର ସଦ୍‌ଗତି ପ୍ରାର୍ଥନା କରୁଛନ୍ତି ସମସ୍ତ ପରିବାରବର୍ଗ।
ଓ-୫୦୭୨
ଦ୍ୱିତୀୟ ଶ୍ରାଦ୍ଧବାର୍ଷିକୀ
ସ୍ୱର୍ଗତ କୌଶିକ ମଲ୍ଲିକ (ସୋନୁ)
ଆବିର୍ଭାବ: ୦୬।୦୩।୧୯୮୯ ତିରୋଧାନ: ୨୩।୦୮।୨୦୧୧
ସମୟ ଚାଲିଯାଏ, ସ୍ମୃତି ରହିଯାଏ। ତୁମକୁ ମନେ ପକାଉଛନ୍ତି ବାପା, ମାଆ, ଭଉଣୀ ଓ ସମସ୍ତ ପରିବାରବର୍ଗ।
ଓ-୫୦୬୯
Your CLASSIFIED ADVERTISEMENT published in DHARITRI will be
listed FREE in Dharitri Online Edition: www.dharitri.com
୨୩ ଜିଲାରେ ଡେଙ୍ଗୁ,
ରୋଗୀ ସଂଖ୍ୟା ୩୮୬କୁ ବୃଦ୍ଧି

ଭୁବନେଶ୍ୱର,୧୭।୮(ବ୍ୟୁରୋ)–ରାଜ୍ୟରେ ଡେଙ୍ଗୁ ପ୍ରକୋପ ବଢ଼ିଚାଲିଛି। ୨୩ଟି ଜିଲାରେ ଡେଙ୍ଗୁ ରୋଗୀ ଚିହ୍ନଟ ହୋଇଥିବା ବେଳେ ମୋଟ ରୋଗୀ ସଂଖ୍ୟା ୩୮୬କୁ ବୃଦ୍ଧି ପାଇଛି। ଶୁକ୍ରବାର ନୂଆ କରି ୧୮ ଜଣ ଆକ୍ରାନ୍ତ ହୋଇଛନ୍ତି। ସ୍ୱାସ୍ଥ୍ୟ ବିଭାଗ ସମସ୍ତ ଜିଲା ମୁଖ୍ୟ ଚିକିତ୍ସା ଅଧିକାରୀଙ୍କୁ ସତର୍କ ରହିବାକୁ ନିର୍ଦ୍ଦେଶ ଦେଇଛି।

ଭୁବନେଶ୍ୱର,୧୭।୮(ବ୍ୟୁରୋ)–ରାଜ୍ୟରେ ଡେଙ୍ଗୁ ପ୍ରକୋପ ବଢ଼ିଚାଲିଛି। ୨୩ଟି ଜିଲାରେ ଡେଙ୍ଗୁ ରୋଗୀ ଚିହ୍ନଟ ହୋଇଥିବା ବେଳେ ମୋଟ ରୋଗୀ ସଂଖ୍ୟା ୩୮୬କୁ ବୃଦ୍ଧି ପାଇଛି। ଶୁକ୍ରବାର ନୂଆ କରି ୧୮ ଜଣ ଆକ୍ରାନ୍ତ ହୋଇଛନ୍ତି। ସ୍ୱାସ୍ଥ୍ୟ ବିଭାଗ ସମସ୍ତ ଜିଲା ମୁଖ୍ୟ ଚିକିତ୍ସା ଅଧିକାରୀଙ୍କୁ ସତର୍କ ରହିବାକୁ ନିର୍ଦ୍ଦେଶ ଦେଇଛି।
